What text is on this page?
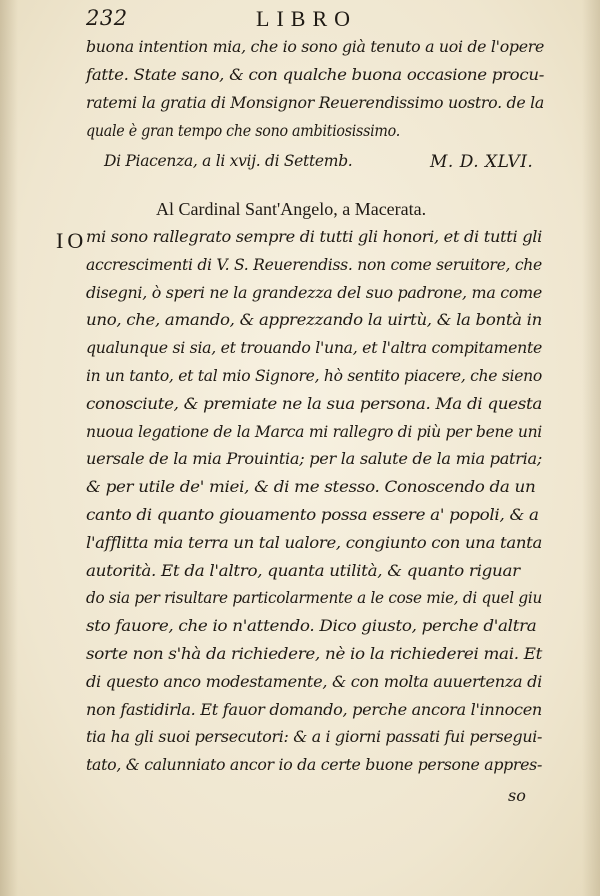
232	LIBRO
buona intention mia, che io sono già tenuto a uoi de l'opere
fatte. State sano, & con qualche buona occasione procu-
ratemi la gratia di Monsignor Reuerendissimo uostro. de la
quale è gran tempo che sono ambitiosissimo.
Di Piacenza, a li xvij. di Settemb.	M. D. XLVI.
Al Cardinal Sant'Angelo, a Macerata.
IO
mi sono rallegrato sempre di tutti gli honori, et di tutti gli
accrescimenti di V. S. Reuerendiss. non come seruitore, che
disegni, ò speri ne la grandezza del suo padrone, ma come
uno, che, amando, & apprezzando la uirtù, & la bontà in
qualunque si sia, et trouando l'una, et l'altra compitamente
in un tanto, et tal mio Signore, hò sentito piacere, che sieno
conosciute, & premiate ne la sua persona. Ma di questa
nuoua legatione de la Marca mi rallegro di più per bene uni
uersale de la mia Prouintia; per la salute de la mia patria;
& per utile de' miei, & di me stesso. Conoscendo da un
canto di quanto giouamento possa essere a' popoli, & a
l'afflitta mia terra un tal ualore, congiunto con una tanta
autorità. Et da l'altro, quanta utilità, & quanto riguar
do sia per risultare particolarmente a le cose mie, di quel giu
sto fauore, che io n'attendo. Dico giusto, perche d'altra
sorte non s'hà da richiedere, nè io la richiederei mai. Et
di questo anco modestamente, & con molta auuertenza di
non fastidirla. Et fauor domando, perche ancora l'innocen
tia ha gli suoi persecutori: & a i giorni passati fui persegui-
tato, & calunniato ancor io da certe buone persone appres-
so
